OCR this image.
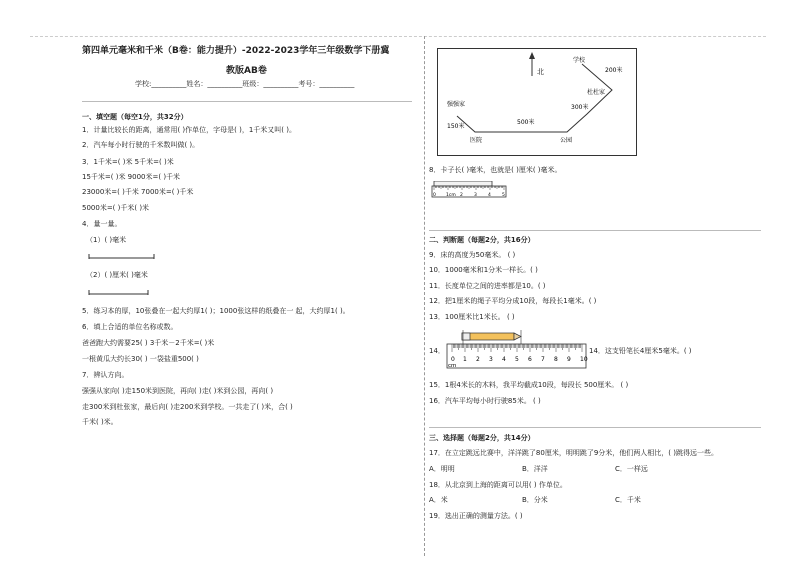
第四单元毫米和千米（B卷：能力提升）-2022-2023学年三年级数学下册冀
教版AB卷
学校:__________姓名：__________班级：__________考号：__________
一、填空题（每空1分，共32分）
1．计量比较长的距离，通常用( )作单位，字母是( )，1千米又叫( )。
2．汽车每小时行驶的千米数叫做( )。
3．1千米=( )米 5千米=( )米
15千米=( )米 9000米=( )千米
23000米=( )千米 7000米=( )千米
5000米=( )千米( )米
4．量一量。
（1）( )毫米
（2）( )厘米( )毫米
5．练习本的厚，10张叠在一起大约厚1( )；1000张这样的纸叠在一 起，大约厚1( )。
6．填上合适的单位名称或数。
爸爸跑大约需要25( ) 3千米－2千米=( )米
一根黄瓜大约长30( ) 一袋盐重500( )
7．辨认方向。
强强从家向( )走150米到医院，再向( )走( )米到公园，再向( )
走300米到杜张家，最后向( )走200米到学校。一共走了( )米，合( )
千米( )米。
北
学校
200米
杜杜家
300米
强强家
150米
500米
医院	公园
8．卡子长( )毫米，也就是( )厘米( )毫米。
0 1cm 2 3 4 5
二、判断题（每题2分，共16分）
9．床的高度为50毫米。 ( )
10．1000毫米和1分米一样长。( )
11．长度单位之间的进率都是10。( )
12．把1厘米的绳子平均分成10段，每段长1毫米。( )
13．100厘米比1米长。 ( )
14．
0 1 2 3 4 5 6 7 8 9 10
cm
14．这支铅笔长4厘米5毫米。( )
15．1根4米长的木料，我平均截成10段，每段长 500厘米。 ( )
16．汽车平均每小时行驶85米。 ( )
三、选择题（每题2分，共14分）
17．在立定跳远比赛中，洋洋跳了80厘米，明明跳了9分米，他们两人相比，( )跳得远一些。
A．明明	B．洋洋	C．一样远
18．从北京到上海的距离可以用( ) 作单位。
A．米	B．分米	C．千米
19．选出正确的测量方法。( )
